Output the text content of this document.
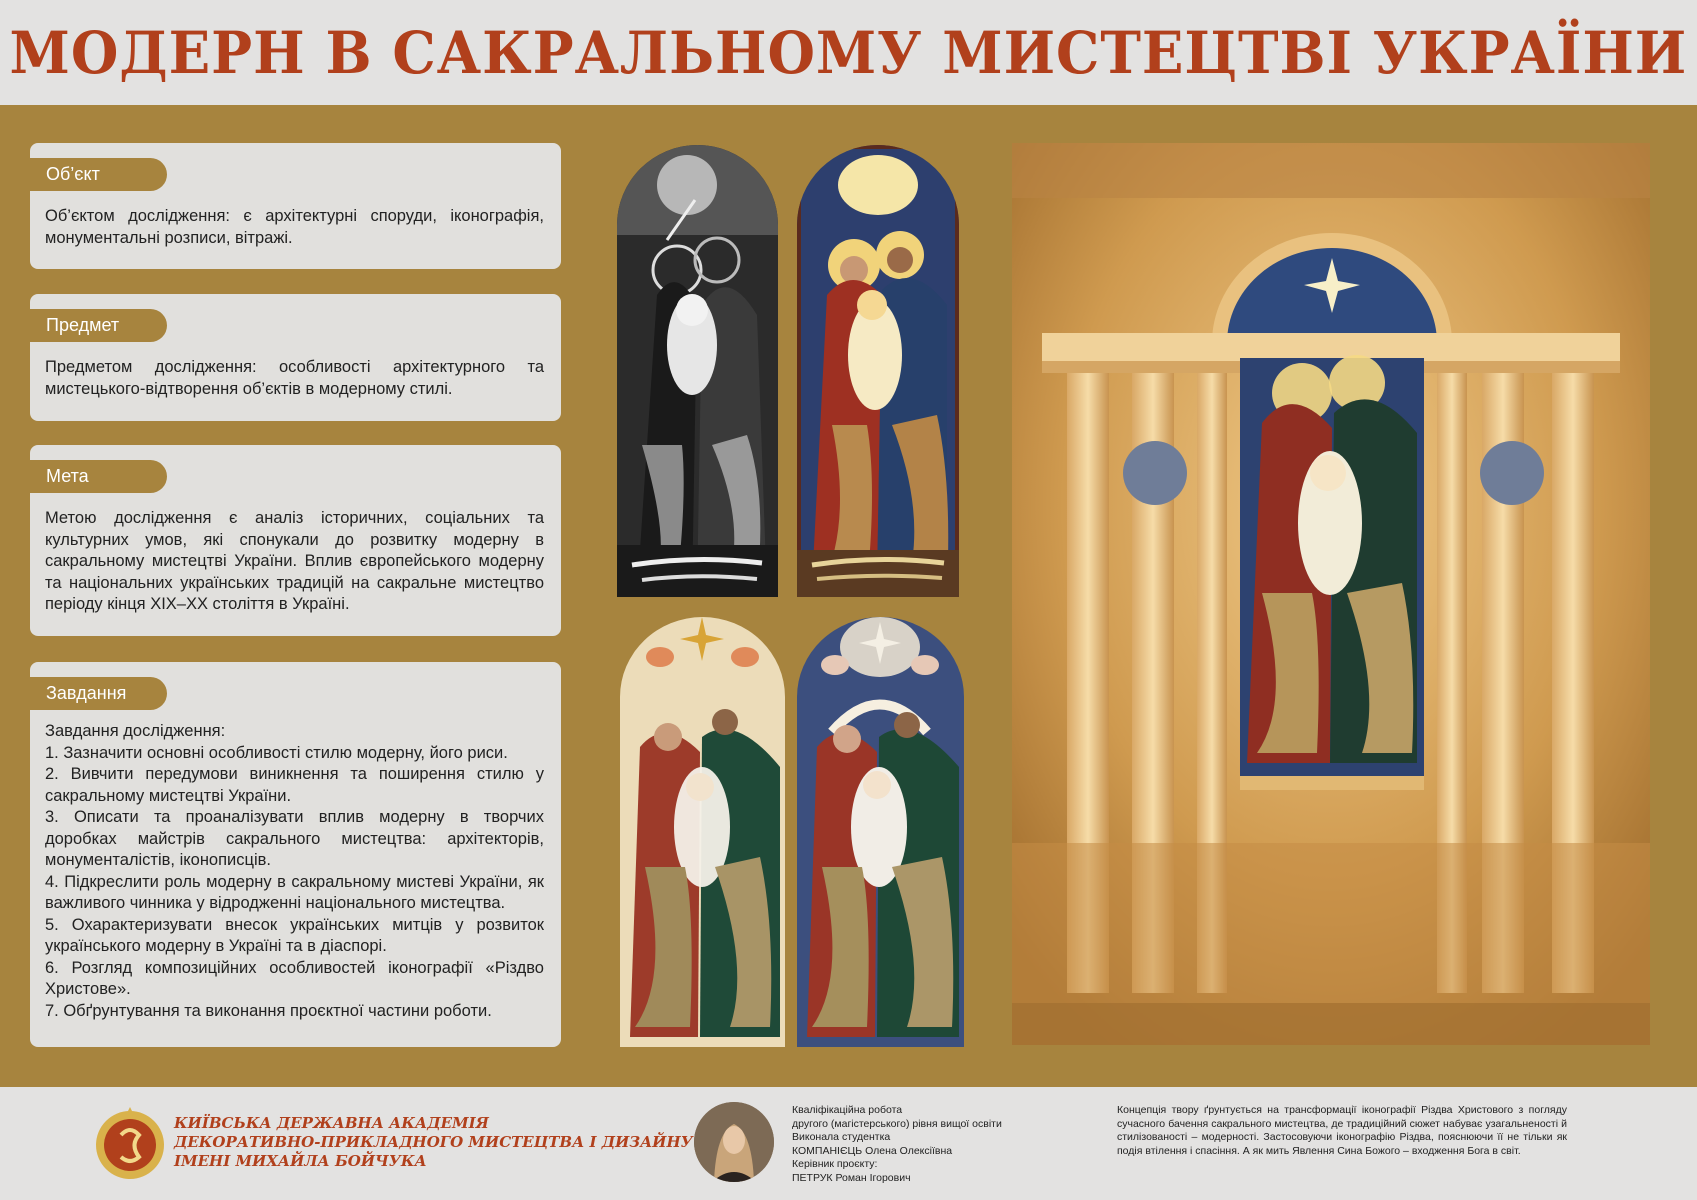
МОДЕРН В САКРАЛЬНОМУ МИСТЕЦТВІ УКРАЇНИ
Об’єкт
Об’єктом дослідження: є архітектурні споруди, іконографія, монументальні розписи, вітражі.
Предмет
Предметом дослідження: особливості архітектурного та мистецького-відтворення об’єктів в модерному стилі.
Мета
Метою дослідження є аналіз історичних, соціальних та культурних умов, які спонукали до розвитку модерну в сакральному мистецтві України. Вплив європейського модерну та національних українських традицій на сакральне мистецтво періоду кінця ХІХ–ХХ століття в Україні.
Завдання
Завдання дослідження:
1. Зазначити основні особливості стилю модерну, його риси.
2. Вивчити передумови виникнення та поширення стилю у сакральному мистецтві України.
3. Описати та проаналізувати вплив модерну в творчих доробках майстрів сакрального мистецтва: архітекторів, монументалістів, іконописців.
4. Підкреслити роль модерну в сакральному мистеві України, як важливого чинника у відродженні національного мистецтва.
5. Охарактеризувати внесок українських митців у розвиток українського модерну в Україні та в діаспорі.
6. Розгляд композиційних особливостей іконографії «Різдво Христове».
7. Обґрунтування та виконання проєктної частини роботи.
КИЇВСЬКА ДЕРЖАВНА АКАДЕМІЯ
ДЕКОРАТИВНО-ПРИКЛАДНОГО МИСТЕЦТВА І ДИЗАЙНУ
ІМЕНІ МИХАЙЛА БОЙЧУКА
Кваліфікаційна робота
другого (магістерського) рівня вищої освіти
Виконала студентка
КОМПАНІЄЦЬ Олена Олексіївна
Керівник проєкту:
ПЕТРУК Роман Ігорович
Концепція твору ґрунтується на трансформації іконографії Різдва Христового з погляду сучасного бачення сакрального мистецтва, де традиційний сюжет набуває узагальненості й стилізованості – модерності. Застосовуючи іконографію Різдва, пояснюючи її не тільки як подія втілення і спасіння. А як мить Явлення Сина Божого – входження Бога в світ.
